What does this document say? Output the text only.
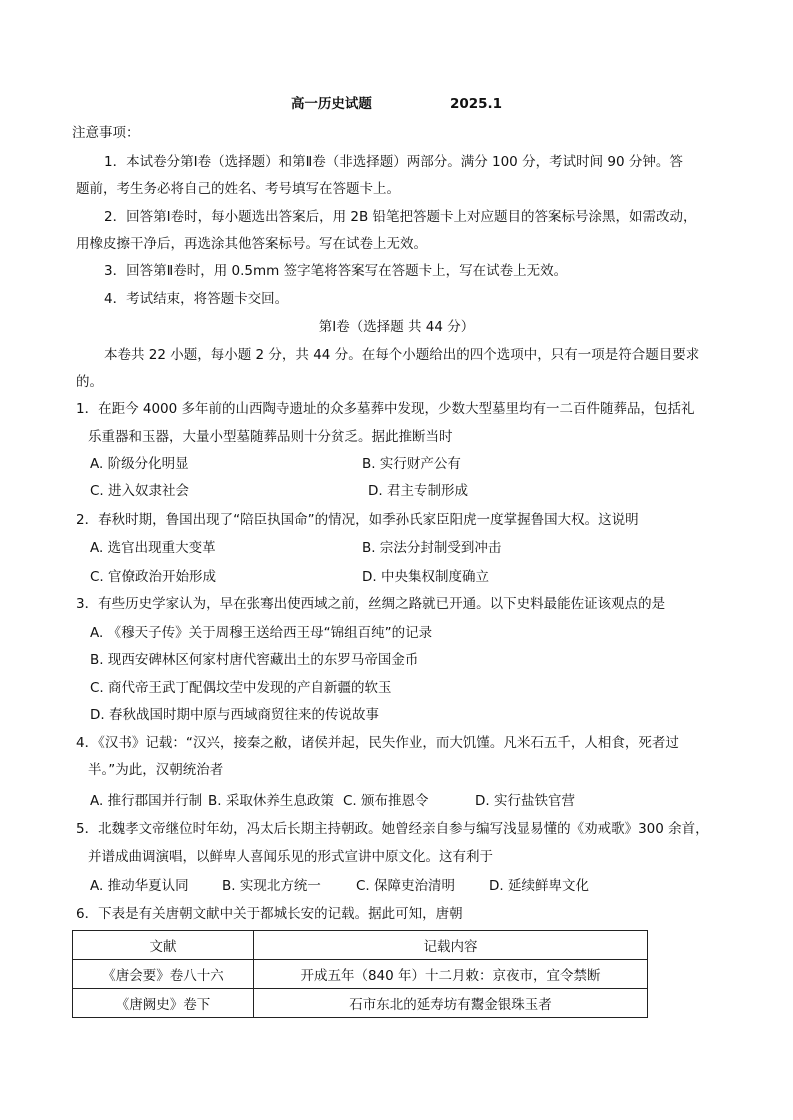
高一历史试题	2025.1
注意事项：
1．本试卷分第Ⅰ卷（选择题）和第Ⅱ卷（非选择题）两部分。满分 100 分，考试时间 90 分钟。答
题前，考生务必将自己的姓名、考号填写在答题卡上。
2．回答第Ⅰ卷时，每小题选出答案后，用 2B 铅笔把答题卡上对应题目的答案标号涂黑，如需改动，
用橡皮擦干净后，再选涂其他答案标号。写在试卷上无效。
3．回答第Ⅱ卷时，用 0.5mm 签字笔将答案写在答题卡上，写在试卷上无效。
4．考试结束，将答题卡交回。
第Ⅰ卷（选择题 共 44 分）
本卷共 22 小题，每小题 2 分，共 44 分。在每个小题给出的四个选项中，只有一项是符合题目要求
的。
1．在距今 4000 多年前的山西陶寺遗址的众多墓葬中发现，少数大型墓里均有一二百件随葬品，包括礼
乐重器和玉器，大量小型墓随葬品则十分贫乏。据此推断当时
A. 阶级分化明显	B. 实行财产公有
C. 进入奴隶社会	D. 君主专制形成
2．春秋时期，鲁国出现了“陪臣执国命”的情况，如季孙氏家臣阳虎一度掌握鲁国大权。这说明
A. 选官出现重大变革	B. 宗法分封制受到冲击
C. 官僚政治开始形成	D. 中央集权制度确立
3．有些历史学家认为，早在张骞出使西域之前，丝绸之路就已开通。以下史料最能佐证该观点的是
A. 《穆天子传》关于周穆王送给西王母“锦组百纯”的记录
B. 现西安碑林区何家村唐代窖藏出土的东罗马帝国金币
C. 商代帝王武丁配偶坟茔中发现的产自新疆的软玉
D. 春秋战国时期中原与西域商贸往来的传说故事
4．《汉书》记载：“汉兴，接秦之敝，诸侯并起，民失作业，而大饥馑。凡米石五千，人相食，死者过
半。”为此，汉朝统治者
A. 推行郡国并行制 B. 采取休养生息政策 C. 颁布推恩令	D. 实行盐铁官营
5．北魏孝文帝继位时年幼，冯太后长期主持朝政。她曾经亲自参与编写浅显易懂的《劝戒歌》300 余首，
并谱成曲调演唱，以鲜卑人喜闻乐见的形式宣讲中原文化。这有利于
A. 推动华夏认同 B. 实现北方统一	C. 保障吏治清明	D. 延续鲜卑文化
6．下表是有关唐朝文献中关于都城长安的记载。据此可知，唐朝
文献	记载内容
《唐会要》卷八十六	开成五年（840 年）十二月敕：京夜市，宜令禁断
《唐阙史》卷下	石市东北的延寿坊有鬻金银珠玉者
